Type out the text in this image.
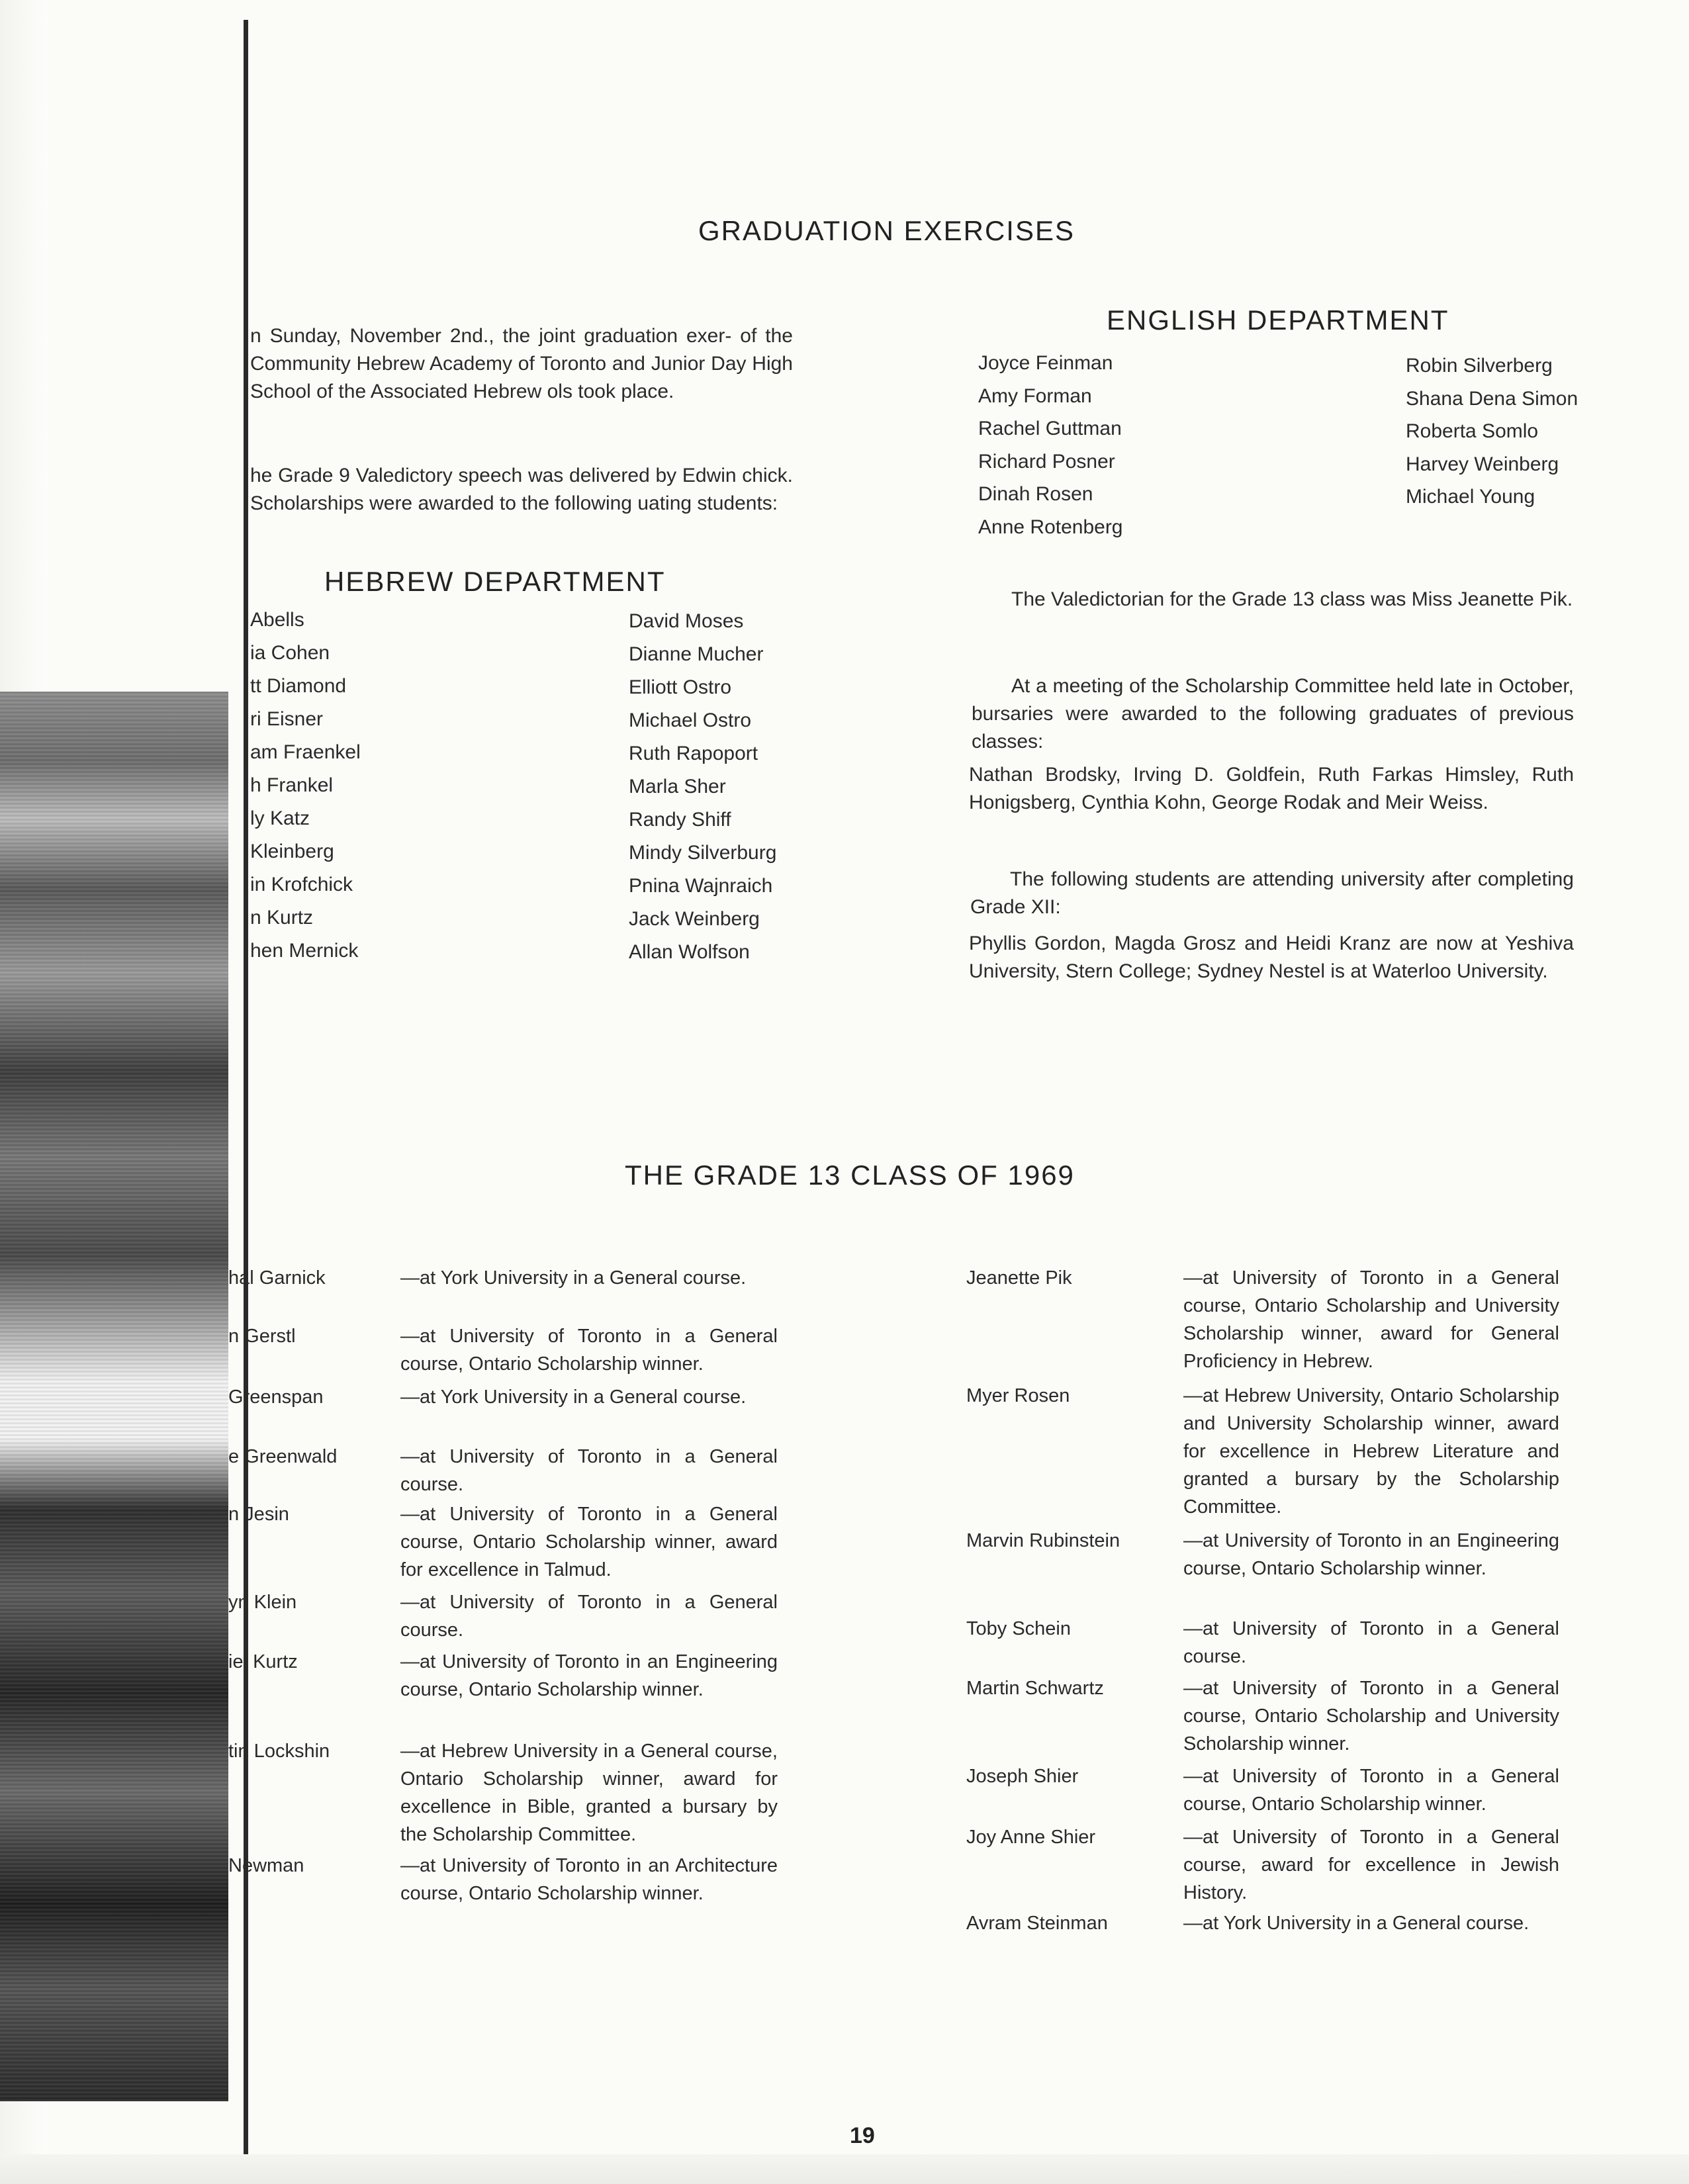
GRADUATION EXERCISES
n Sunday, November 2nd., the joint graduation exer- of the Community Hebrew Academy of Toronto and Junior Day High School of the Associated Hebrew ols took place.
he Grade 9 Valedictory speech was delivered by Edwin chick. Scholarships were awarded to the following uating students:
HEBREW DEPARTMENT
Abells
ia Cohen
tt Diamond
ri Eisner
am Fraenkel
h Frankel
ly Katz
Kleinberg
in Krofchick
n Kurtz
hen Mernick
David Moses
Dianne Mucher
Elliott Ostro
Michael Ostro
Ruth Rapoport
Marla Sher
Randy Shiff
Mindy Silverburg
Pnina Wajnraich
Jack Weinberg
Allan Wolfson
ENGLISH DEPARTMENT
Joyce Feinman
Amy Forman
Rachel Guttman
Richard Posner
Dinah Rosen
Anne Rotenberg
Robin Silverberg
Shana Dena Simon
Roberta Somlo
Harvey Weinberg
Michael Young
The Valedictorian for the Grade 13 class was Miss Jeanette Pik.
At a meeting of the Scholarship Committee held late in October, bursaries were awarded to the following graduates of previous classes:
Nathan Brodsky, Irving D. Goldfein, Ruth Farkas Himsley, Ruth Honigsberg, Cynthia Kohn, George Rodak and Meir Weiss.
The following students are attending university after completing Grade XII:
Phyllis Gordon, Magda Grosz and Heidi Kranz are now at Yeshiva University, Stern College; Sydney Nestel is at Waterloo University.
THE GRADE 13 CLASS OF 1969
hal Garnick	—at York University in a General course.
n Gerstl	—at University of Toronto in a General course, Ontario Scholarship winner.
Greenspan	—at York University in a General course.
e Greenwald	—at University of Toronto in a General course.
n Jesin	—at University of Toronto in a General course, Ontario Scholarship winner, award for excellence in Talmud.
yn Klein	—at University of Toronto in a General course.
iel Kurtz	—at University of Toronto in an Engineering course, Ontario Scholarship winner.
tin Lockshin	—at Hebrew University in a General course, Ontario Scholarship winner, award for excellence in Bible, granted a bursary by the Scholarship Committee.
Newman	—at University of Toronto in an Architecture course, Ontario Scholarship winner.
Jeanette Pik	—at University of Toronto in a General course, Ontario Scholarship and University Scholarship winner, award for General Proficiency in Hebrew.
Myer Rosen	—at Hebrew University, Ontario Scholarship and University Scholarship winner, award for excellence in Hebrew Literature and granted a bursary by the Scholarship Committee.
Marvin Rubinstein	—at University of Toronto in an Engineering course, Ontario Scholarship winner.
Toby Schein	—at University of Toronto in a General course.
Martin Schwartz	—at University of Toronto in a General course, Ontario Scholarship and University Scholarship winner.
Joseph Shier	—at University of Toronto in a General course, Ontario Scholarship winner.
Joy Anne Shier	—at University of Toronto in a General course, award for excellence in Jewish History.
Avram Steinman	—at York University in a General course.
19
